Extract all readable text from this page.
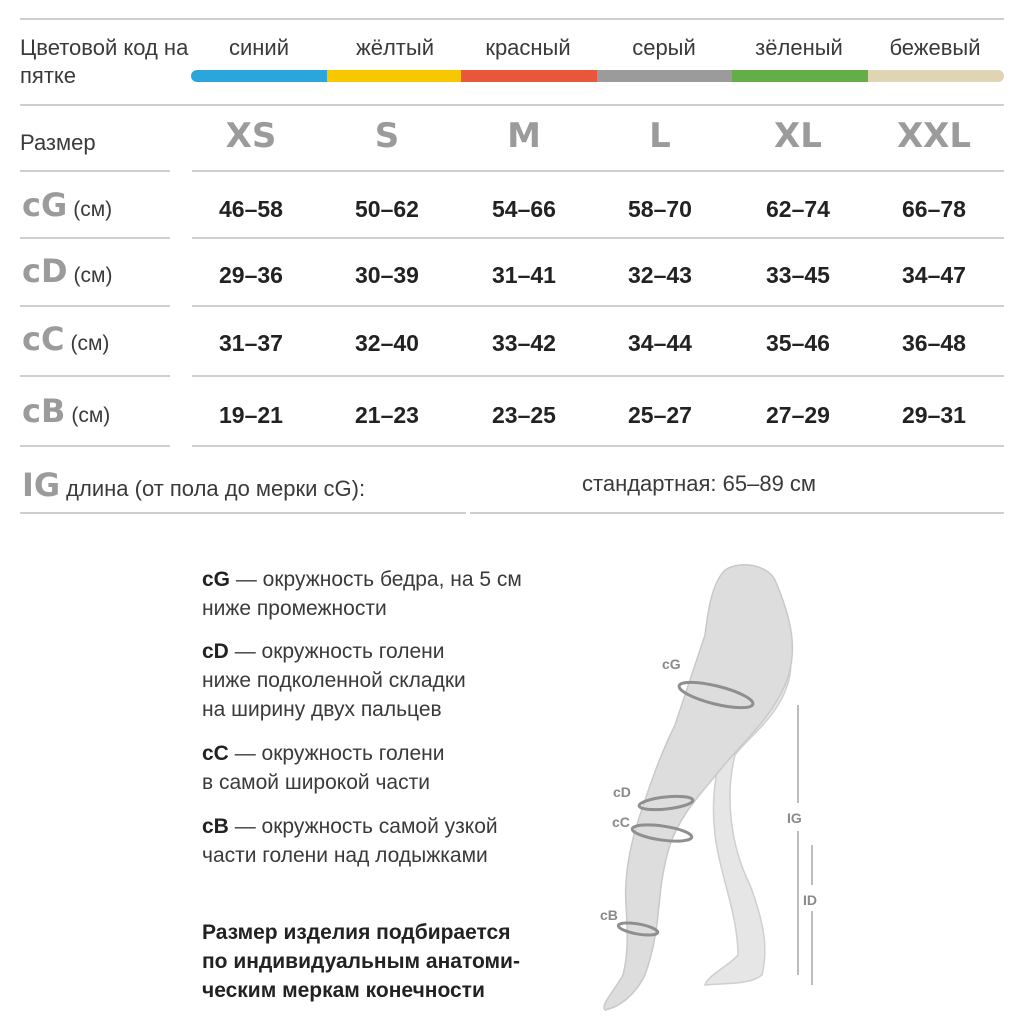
Цветовой код на пятке
синий	жёлтый	красный	серый	зёленый	бежевый
Размер	XS	S	M	L	XL	XXL
cG (см)	46–58	50–62	54–66	58–70	62–74	66–78
cD (см)	29–36	30–39	31–41	32–43	33–45	34–47
cC (см)	31–37	32–40	33–42	34–44	35–46	36–48
cB (см)	19–21	21–23	23–25	25–27	27–29	29–31
IG длина (от пола до мерки cG):	стандартная: 65–89 см
cG — окружность бедра, на 5 см
ниже промежности
cD — окружность голени
ниже подколенной складки
на ширину двух пальцев
cC — окружность голени
в самой широкой части
cB — окружность самой узкой
части голени над лодыжками
Размер изделия подбирается
по индивидуальным анатоми-
ческим меркам конечности
cG
cD
cC
cB
IG
ID
